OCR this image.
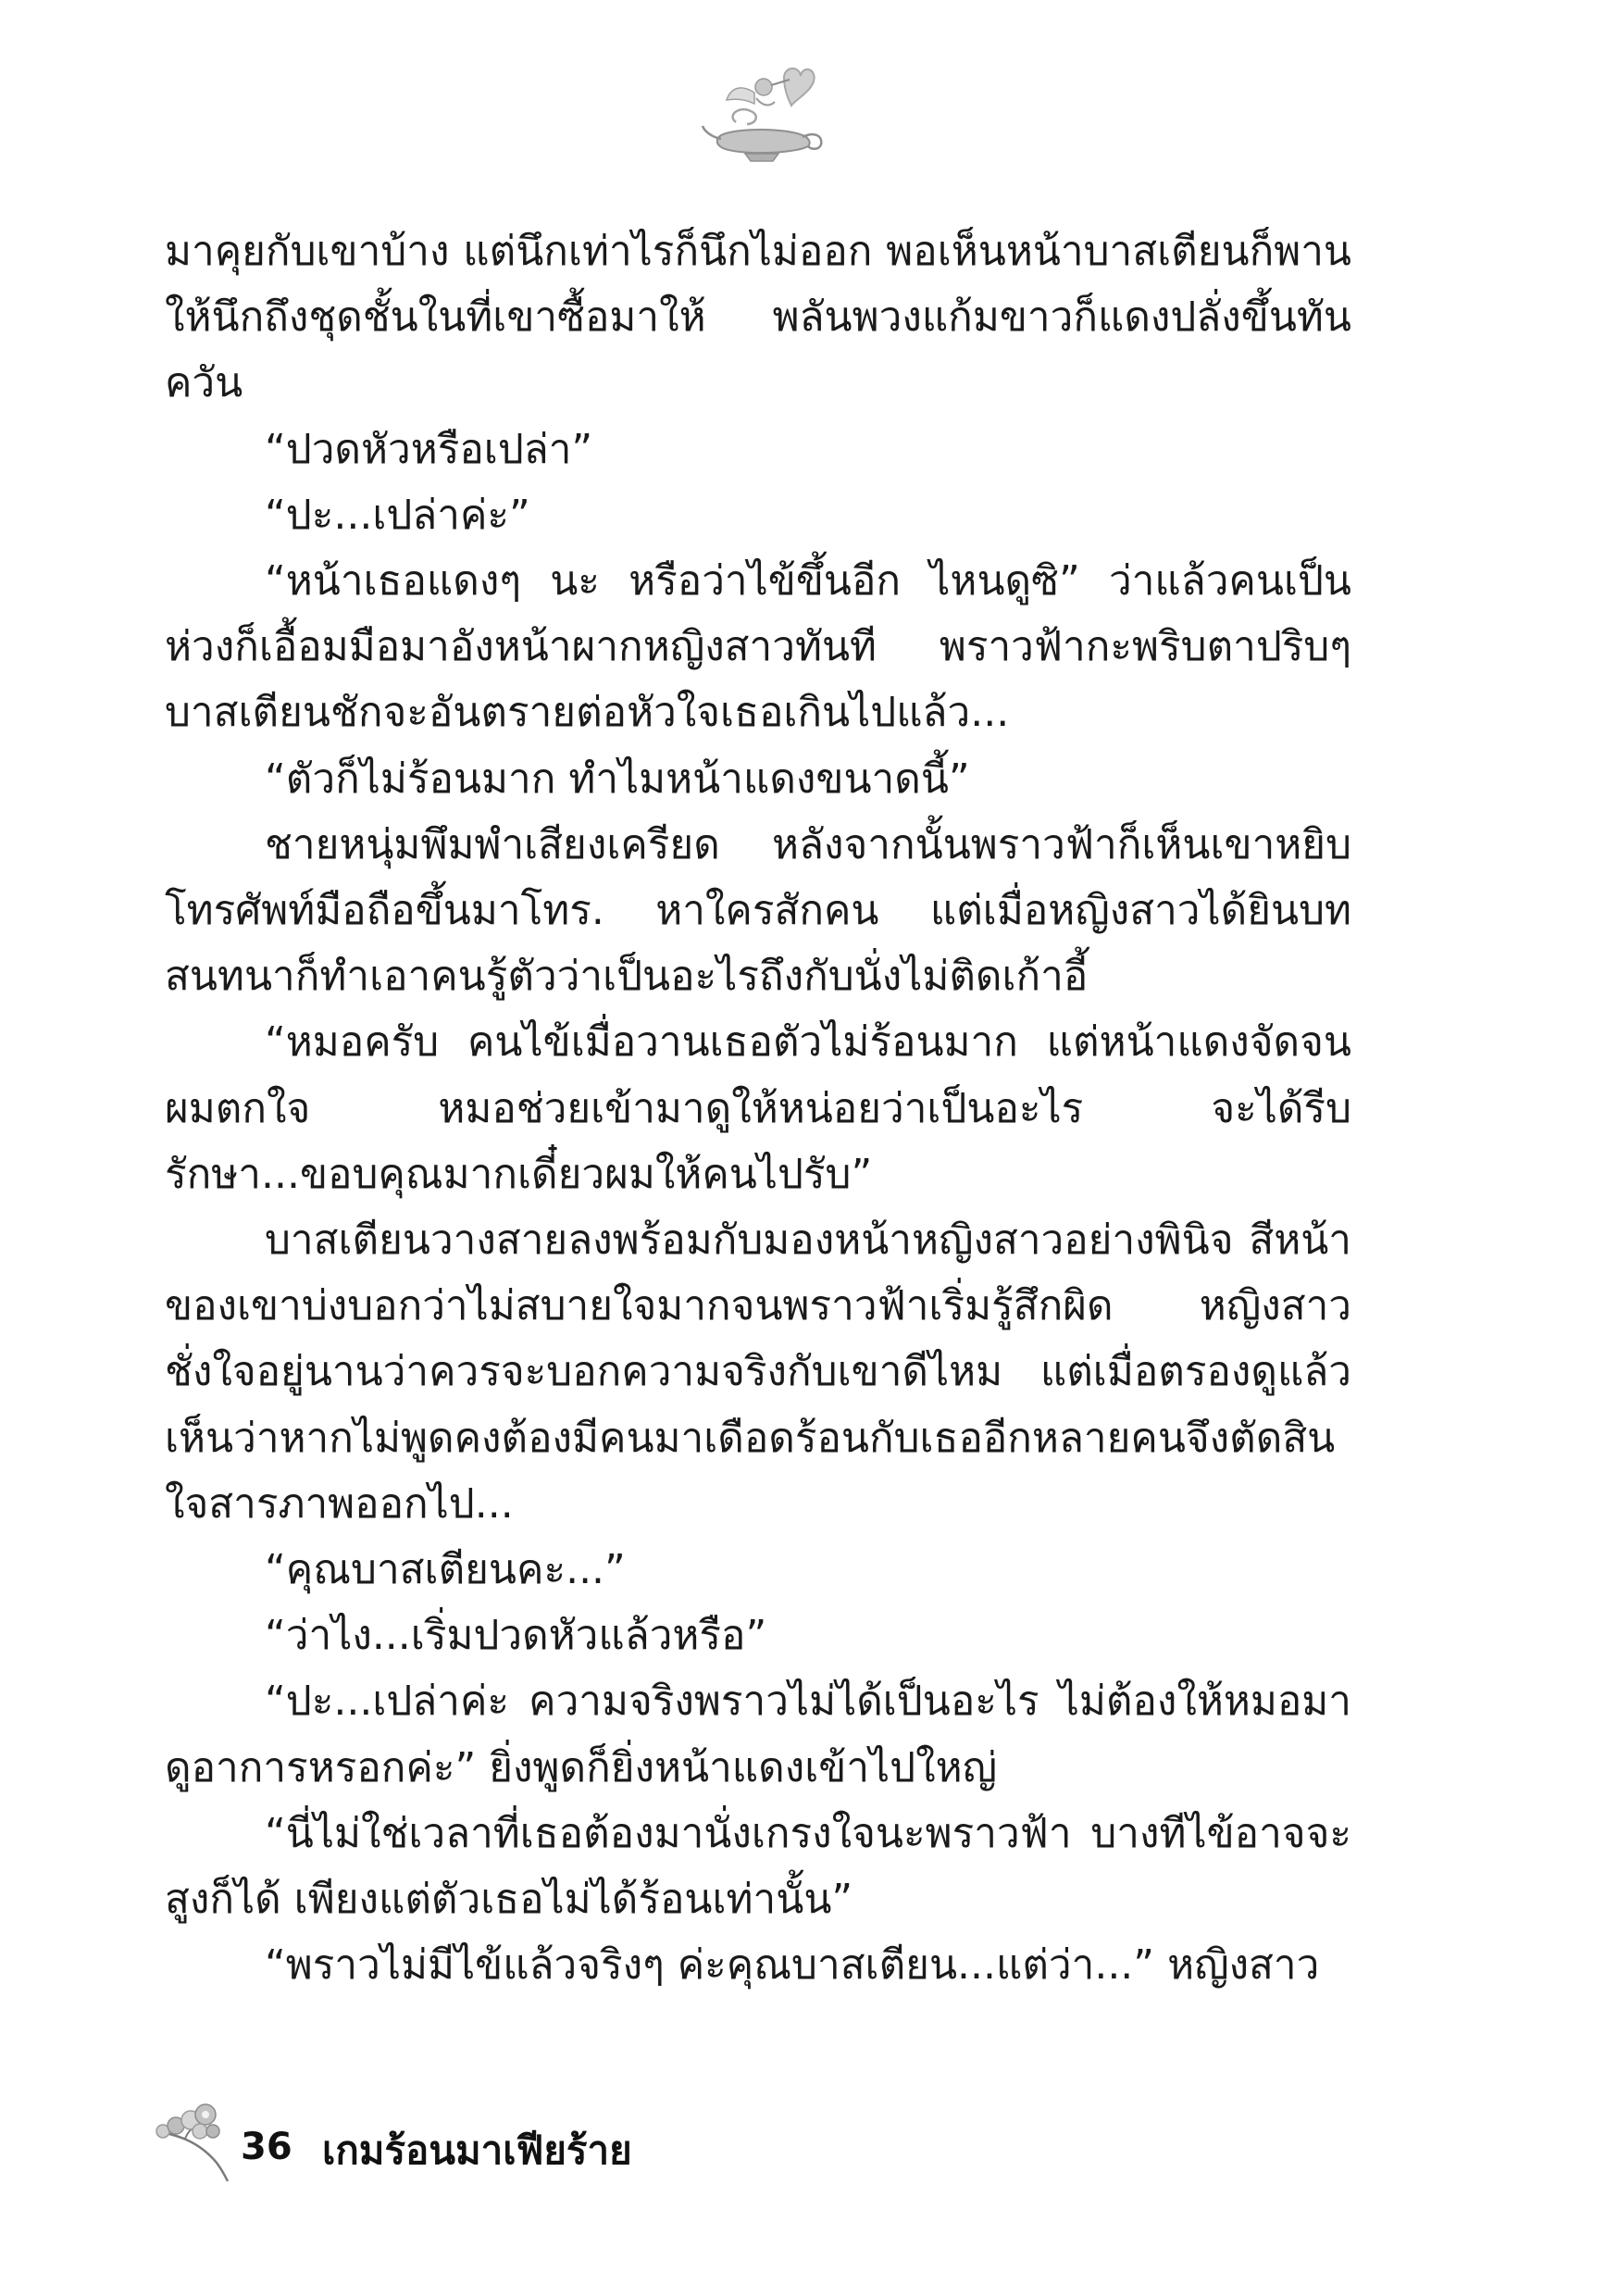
มาคุยกับเขาบ้าง แต่นึกเท่าไรก็นึกไม่ออก พอเห็นหน้าบาสเตียนก็พานให้นึกถึงชุดชั้นในที่เขาซื้อมาให้ พลันพวงแก้มขาวก็แดงปลั่งขึ้นทันควัน

“ปวดหัวหรือเปล่า”

“ปะ...เปล่าค่ะ”

“หน้าเธอแดงๆ นะ หรือว่าไข้ขึ้นอีก ไหนดูซิ” ว่าแล้วคนเป็นห่วงก็เอื้อมมือมาอังหน้าผากหญิงสาวทันที พราวฟ้ากะพริบตาปริบๆ บาสเตียนชักจะอันตรายต่อหัวใจเธอเกินไปแล้ว...

“ตัวก็ไม่ร้อนมาก ทำไมหน้าแดงขนาดนี้”

ชายหนุ่มพึมพำเสียงเครียด หลังจากนั้นพราวฟ้าก็เห็นเขาหยิบโทรศัพท์มือถือขึ้นมาโทร. หาใครสักคน แต่เมื่อหญิงสาวได้ยินบทสนทนาก็ทำเอาคนรู้ตัวว่าเป็นอะไรถึงกับนั่งไม่ติดเก้าอี้

“หมอครับ คนไข้เมื่อวานเธอตัวไม่ร้อนมาก แต่หน้าแดงจัดจนผมตกใจ หมอช่วยเข้ามาดูให้หน่อยว่าเป็นอะไร จะได้รีบรักษา...ขอบคุณมากเดี๋ยวผมให้คนไปรับ”

บาสเตียนวางสายลงพร้อมกับมองหน้าหญิงสาวอย่างพินิจ สีหน้าของเขาบ่งบอกว่าไม่สบายใจมากจนพราวฟ้าเริ่มรู้สึกผิด หญิงสาวชั่งใจอยู่นานว่าควรจะบอกความจริงกับเขาดีไหม แต่เมื่อตรองดูแล้วเห็นว่าหากไม่พูดคงต้องมีคนมาเดือดร้อนกับเธออีกหลายคนจึงตัดสินใจสารภาพออกไป...

“คุณบาสเตียนคะ...”

“ว่าไง...เริ่มปวดหัวแล้วหรือ”

“ปะ...เปล่าค่ะ ความจริงพราวไม่ได้เป็นอะไร ไม่ต้องให้หมอมาดูอาการหรอกค่ะ” ยิ่งพูดก็ยิ่งหน้าแดงเข้าไปใหญ่

“นี่ไม่ใช่เวลาที่เธอต้องมานั่งเกรงใจนะพราวฟ้า บางทีไข้อาจจะสูงก็ได้ เพียงแต่ตัวเธอไม่ได้ร้อนเท่านั้น”

“พราวไม่มีไข้แล้วจริงๆ ค่ะคุณบาสเตียน...แต่ว่า...” หญิงสาว

36 เกมร้อนมาเฟียร้าย
